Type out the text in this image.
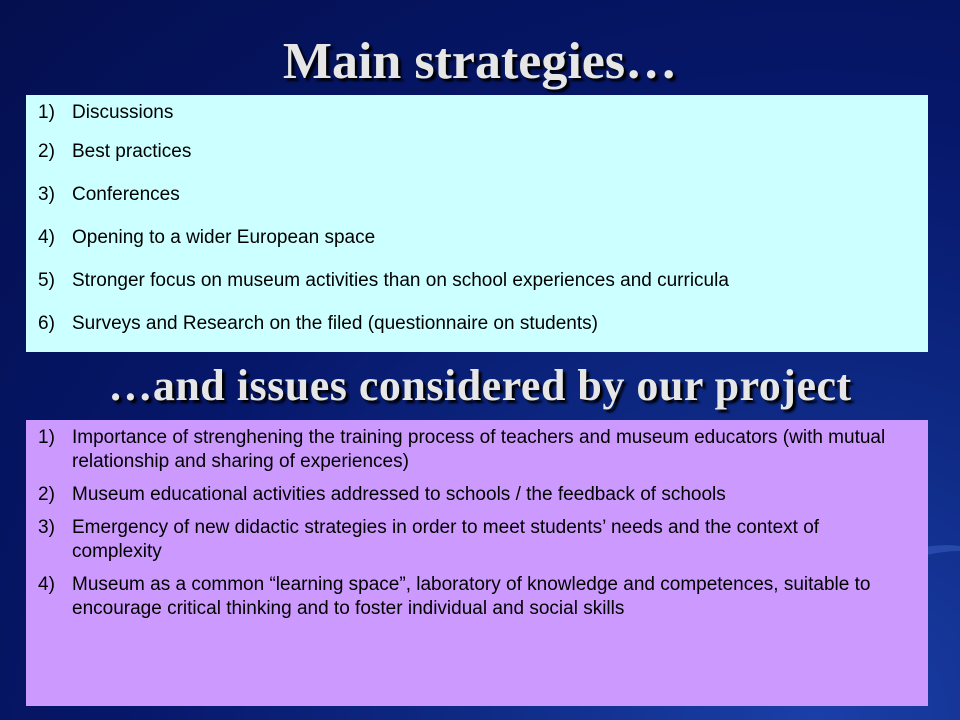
Main strategies…
1) Discussions
2) Best practices
3) Conferences
4) Opening to a wider European space
5) Stronger focus on museum activities than on school experiences and curricula
6) Surveys and Research on the filed (questionnaire on students)
…and issues considered by our project
1) Importance of strenghening the training process of teachers and museum educators (with mutual relationship and sharing of experiences)
2) Museum educational activities addressed to schools / the feedback of schools
3) Emergency of new didactic strategies in order to meet students’ needs and the context of complexity
4) Museum as a common “learning space”, laboratory of knowledge and competences, suitable to encourage critical thinking and to foster individual and social skills
